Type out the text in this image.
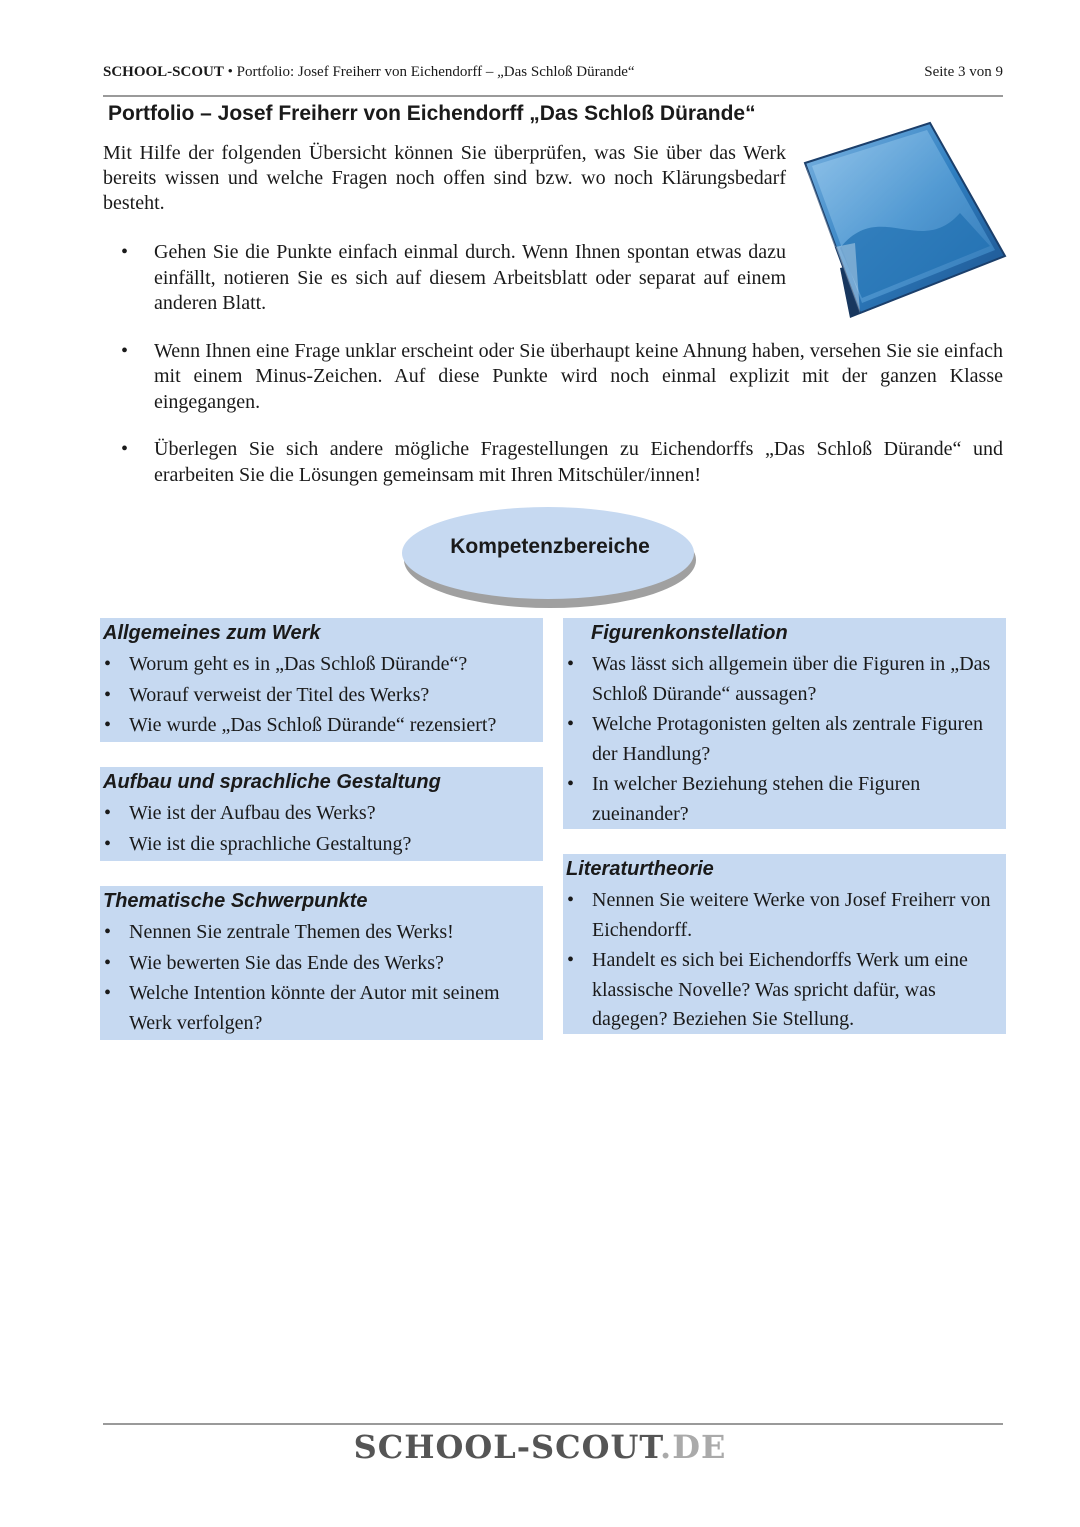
SCHOOL-SCOUT • Portfolio: Josef Freiherr von Eichendorff – „Das Schloß Dürande“	Seite 3 von 9
Portfolio – Josef Freiherr von Eichendorff „Das Schloß Dürande“
Mit Hilfe der folgenden Übersicht können Sie überprüfen, was Sie über das Werk bereits wissen und welche Fragen noch offen sind bzw. wo noch Klärungsbedarf besteht.
• Gehen Sie die Punkte einfach einmal durch. Wenn Ihnen spontan etwas dazu einfällt, notieren Sie es sich auf diesem Arbeitsblatt oder separat auf einem anderen Blatt.
• Wenn Ihnen eine Frage unklar erscheint oder Sie überhaupt keine Ahnung haben, versehen Sie sie einfach mit einem Minus-Zeichen. Auf diese Punkte wird noch einmal explizit mit der ganzen Klasse eingegangen.
• Überlegen Sie sich andere mögliche Fragestellungen zu Eichendorffs „Das Schloß Dürande“ und erarbeiten Sie die Lösungen gemeinsam mit Ihren Mitschüler/innen!
Kompetenzbereiche
Allgemeines zum Werk
• Worum geht es in „Das Schloß Dürande“?
• Worauf verweist der Titel des Werks?
• Wie wurde „Das Schloß Dürande“ rezensiert?
Aufbau und sprachliche Gestaltung
• Wie ist der Aufbau des Werks?
• Wie ist die sprachliche Gestaltung?
Thematische Schwerpunkte
• Nennen Sie zentrale Themen des Werks!
• Wie bewerten Sie das Ende des Werks?
• Welche Intention könnte der Autor mit seinem Werk verfolgen?
Figurenkonstellation
• Was lässt sich allgemein über die Figuren in „Das Schloß Dürande“ aussagen?
• Welche Protagonisten gelten als zentrale Figuren der Handlung?
• In welcher Beziehung stehen die Figuren zueinander?
Literaturtheorie
• Nennen Sie weitere Werke von Josef Freiherr von Eichendorff.
• Handelt es sich bei Eichendorffs Werk um eine klassische Novelle? Was spricht dafür, was dagegen? Beziehen Sie Stellung.
SCHOOL-SCOUT.DE
